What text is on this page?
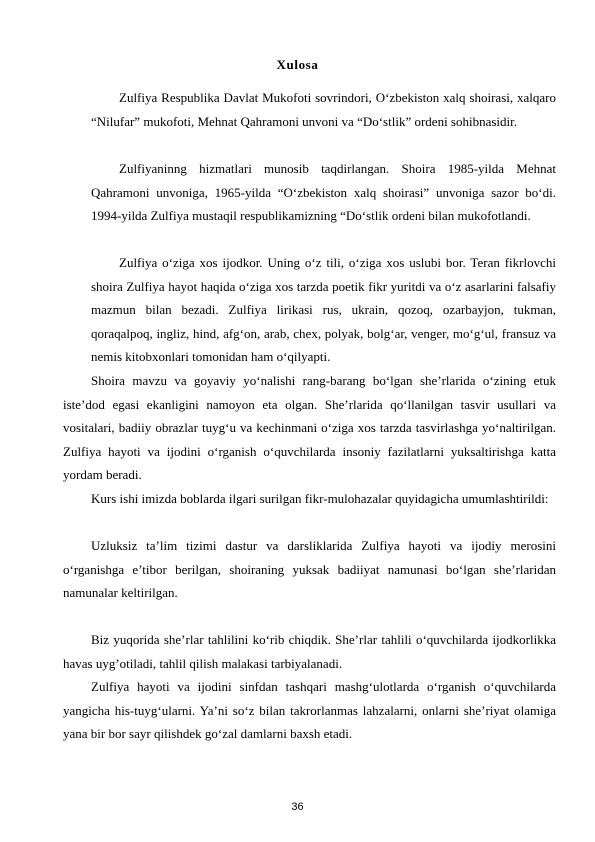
Xulosa

Zulfiya Respublika Davlat Mukofoti sovrindori, O‘zbekiston xalq shoirasi, xalqaro “Nilufar” mukofoti, Mehnat Qahramoni unvoni va “Do‘stlik” ordeni sohibnasidir.

Zulfiyaninng hizmatlari munosib taqdirlangan. Shoira 1985-yilda Mehnat Qahramoni unvoniga, 1965-yilda “O‘zbekiston xalq shoirasi” unvoniga sazor bo‘di. 1994-yilda Zulfiya mustaqil respublikamizning “Do‘stlik ordeni bilan mukofotlandi.

Zulfiya o‘ziga xos ijodkor. Uning o‘z tili, o‘ziga xos uslubi bor. Teran fikrlovchi shoira Zulfiya hayot haqida o‘ziga xos tarzda poetik fikr yuritdi va o‘z asarlarini falsafiy mazmun bilan bezadi. Zulfiya lirikasi rus, ukrain, qozoq, ozarbayjon, tukman, qoraqalpoq, ingliz, hind, afg‘on, arab, chex, polyak, bolg‘ar, venger, mo‘g‘ul, fransuz va nemis kitobxonlari tomonidan ham o‘qilyapti.

Shoira mavzu va goyaviy yo‘nalishi rang-barang bo‘lgan she’rlarida o‘zining etuk iste’dod egasi ekanligini namoyon eta olgan. She’rlarida qo‘llanilgan tasvir usullari va vositalari, badiiy obrazlar tuyg‘u va kechinmani o‘ziga xos tarzda tasvirlashga yo‘naltirilgan. Zulfiya hayoti va ijodini o‘rganish o‘quvchilarda insoniy fazilatlarni yuksaltirishga katta yordam beradi.

Kurs ishi imizda boblarda ilgari surilgan fikr-mulohazalar quyidagicha umumlashtirildi:

Uzluksiz ta’lim tizimi dastur va darsliklarida Zulfiya hayoti va ijodiy merosini o‘rganishga e’tibor berilgan, shoiraning yuksak badiiyat namunasi bo‘lgan she’rlaridan namunalar keltirilgan.

Biz yuqorida she’rlar tahlilini ko‘rib chiqdik. She’rlar tahlili o‘quvchilarda ijodkorlikka havas uyg’otiladi, tahlil qilish malakasi tarbiyalanadi.

Zulfiya hayoti va ijodini sinfdan tashqari mashg‘ulotlarda o‘rganish o‘quvchilarda yangicha his-tuyg‘ularni. Ya’ni so‘z bilan takrorlanmas lahzalarni, onlarni she’riyat olamiga yana bir bor sayr qilishdek go‘zal damlarni baxsh etadi.

36
